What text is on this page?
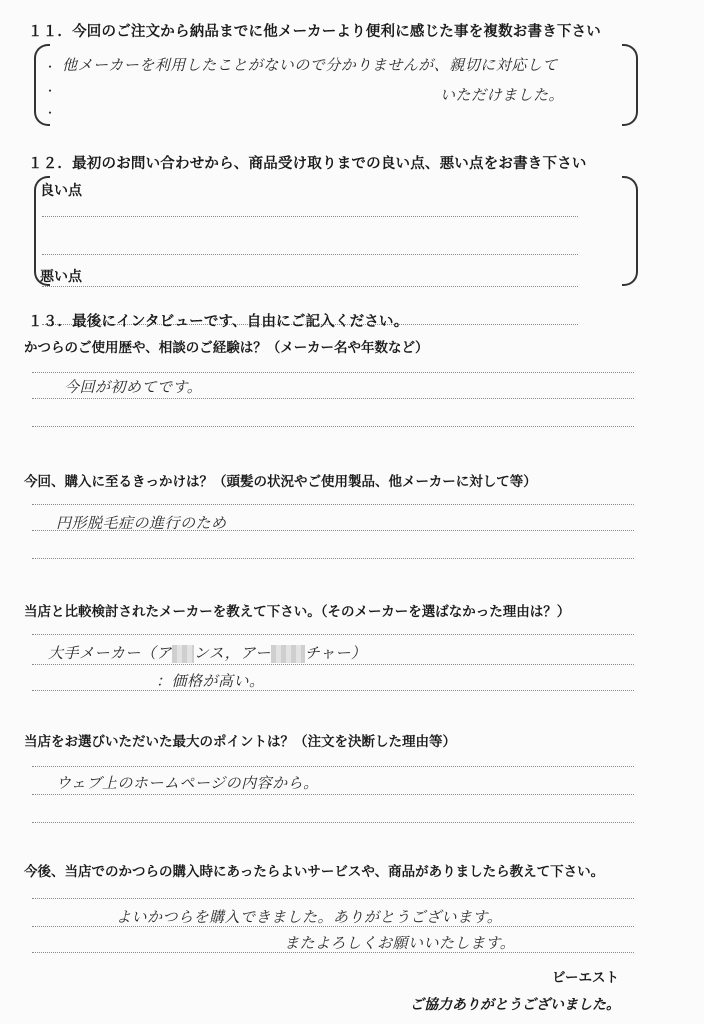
１１．今回のご注文から納品までに他メーカーより便利に感じた事を複数お書き下さい
・
・
・
他メーカーを利用したことがないので分かりませんが、親切に対応して
いただけました。
１２．最初のお問い合わせから、商品受け取りまでの良い点、悪い点をお書き下さい
良い点
悪い点
１３．最後にインタビューです、自由にご記入ください。
かつらのご使用歴や、相談のご経験は？（メーカー名や年数など）
今回が初めてです。
今回、購入に至るきっかけは？（頭髪の状況やご使用製品、他メーカーに対して等）
円形脱毛症の進行のため
当店と比較検討されたメーカーを教えて下さい。（そのメーカーを選ばなかった理由は？）
大手メーカー（ア ンス，アー チャー）
：価格が高い。
当店をお選びいただいた最大のポイントは？（注文を決断した理由等）
ウェブ上のホームページの内容から。
今後、当店でのかつらの購入時にあったらよいサービスや、商品がありましたら教えて下さい。
よいかつらを購入できました。ありがとうございます。
またよろしくお願いいたします。
ビーエスト
ご協力ありがとうございました。
